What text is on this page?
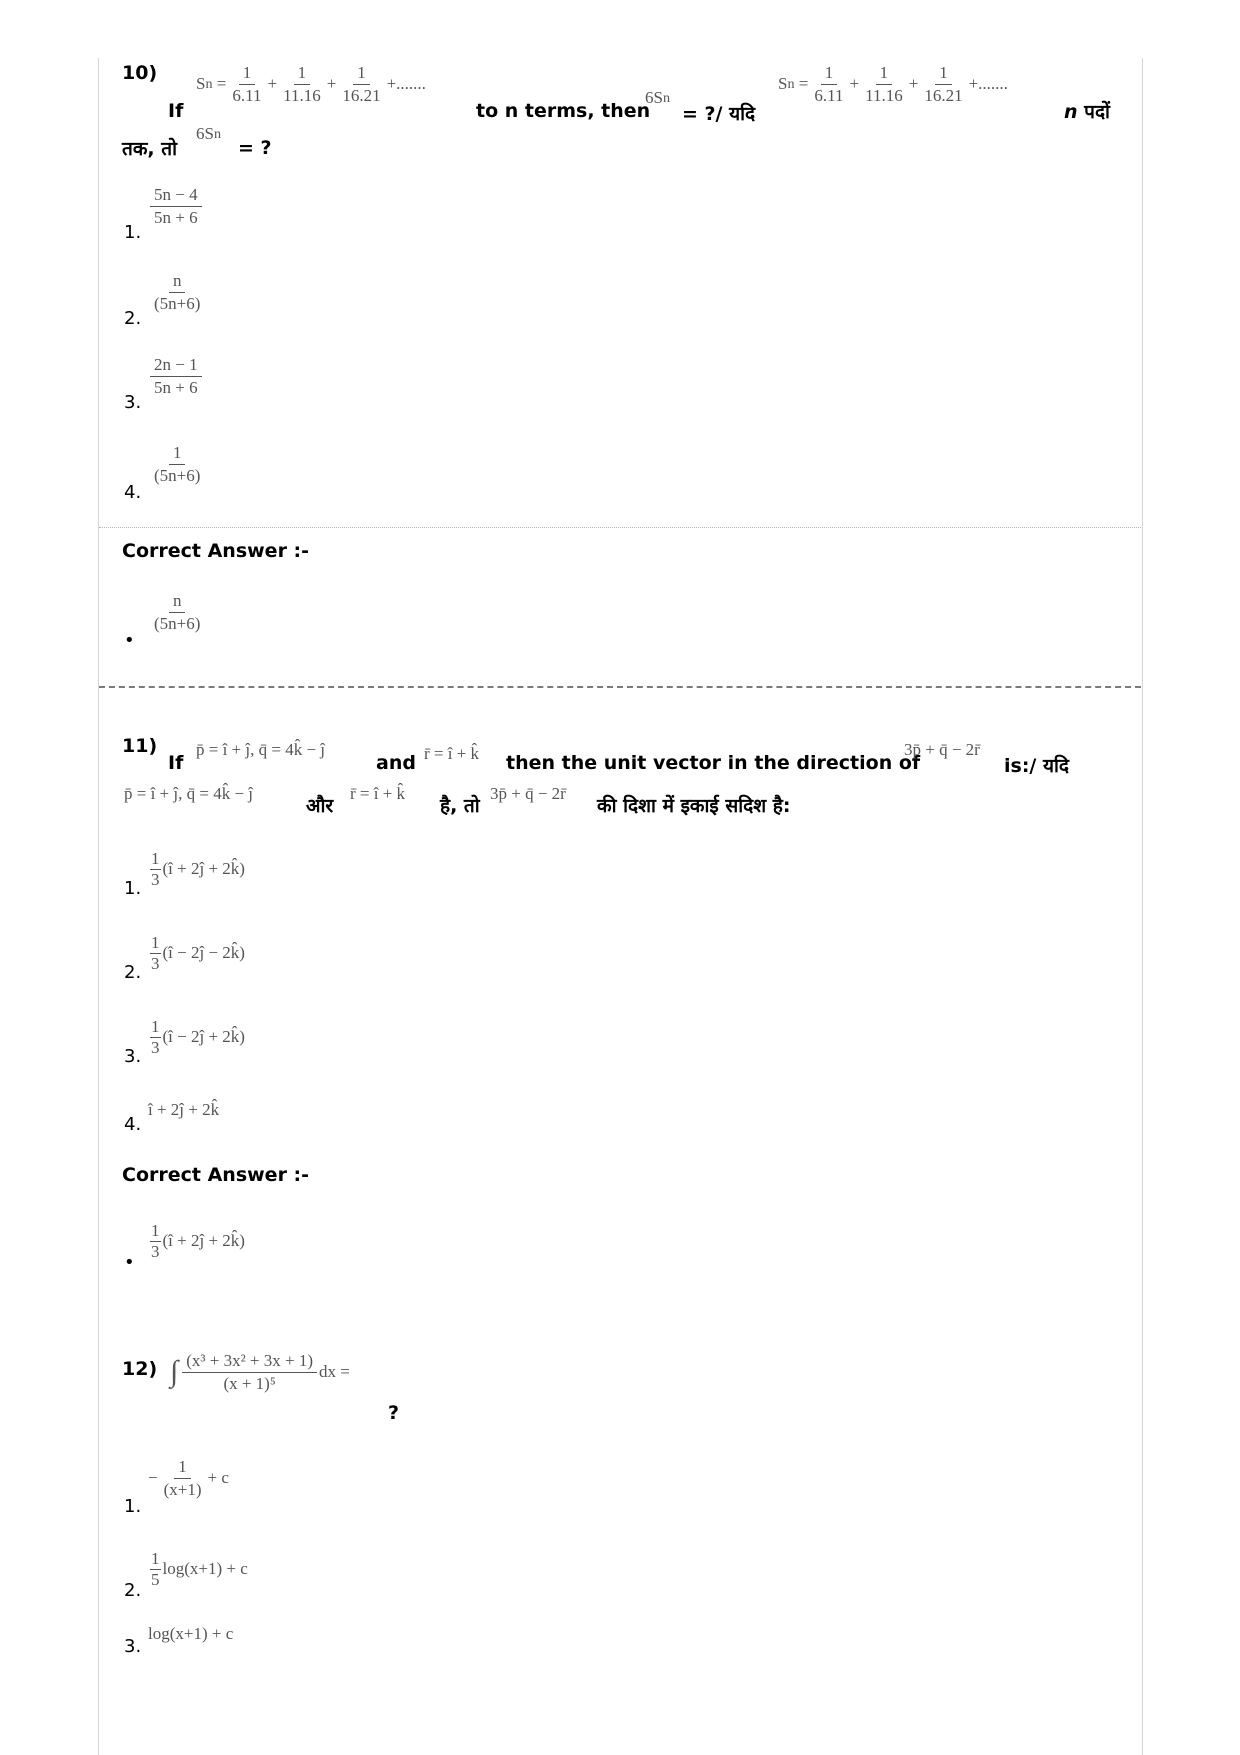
10)
If
S n
= $\frac{1}{6.11} + \frac{1}{11.16} + \frac{1}{16.21}$ +.......
to n terms, then
6S n
= ?/ यदि
S n
= $\frac{1}{6.11} + \frac{1}{11.16} + \frac{1}{16.21}$ +.......
n पदों
तक, तो
6S n
= ?
1.
$\frac{5n - 4}{5n + 6}$
2.
$\frac{n}{(5n+6)}$
3.
$\frac{2n - 1}{5n + 6}$
4.
$\frac{1}{(5n+6)}$
Correct Answer :-
•
$\frac{n}{(5n+6)}$
11)
If
p̄ = î + ĵ, q̄ = 4k̂ − ĵ
and r̄ = î + k̂ then the unit vector in the direction of
3p̄ + q̄ − 2r̄
is:/ यदि
p̄ = î + ĵ, q̄ = 4k̂ − ĵ
और
r̄ = î + k̂
है, तो
3p̄ + q̄ − 2r̄
की दिशा में इकाई सदिश है:
1. $\frac{1}{3}$ (î + 2ĵ + 2k̂)
2. $\frac{1}{3}$ (î − 2ĵ − 2k̂)
3. $\frac{1}{3}$ (î − 2ĵ + 2k̂)
4.
î + 2ĵ + 2k̂
Correct Answer :-
•
$\frac{1}{3}$ (î + 2ĵ + 2k̂)
12) ∫ $\frac{\text{(x³ + 3x² + 3x + 1)}}{\text{(x + 1)⁵}}$ dx =
?
1.
− $\frac{1}{(x+1)} + c$
2.
$\frac{1}{5} \log(x+1) + c$
3.
log(x+1) + c
